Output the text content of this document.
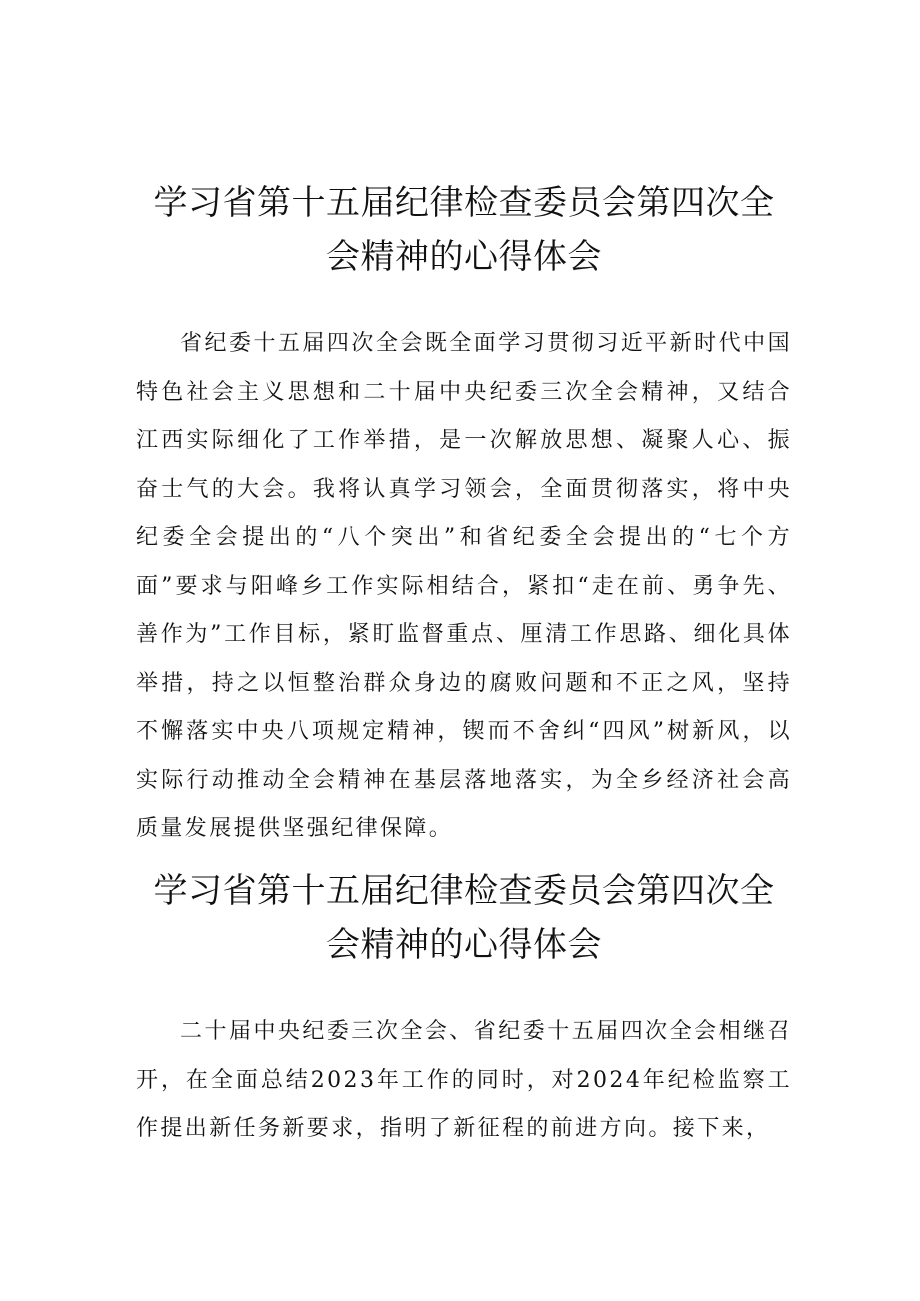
学习省第十五届纪律检查委员会第四次全
会精神的心得体会

省纪委十五届四次全会既全面学习贯彻习近平新时代中国特色社会主义思想和二十届中央纪委三次全会精神，又结合江西实际细化了工作举措，是一次解放思想、凝聚人心、振奋士气的大会。我将认真学习领会，全面贯彻落实，将中央纪委全会提出的“八个突出”和省纪委全会提出的“七个方面”要求与阳峰乡工作实际相结合，紧扣“走在前、勇争先、善作为”工作目标，紧盯监督重点、厘清工作思路、细化具体举措，持之以恒整治群众身边的腐败问题和不正之风，坚持不懈落实中央八项规定精神，锲而不舍纠“四风”树新风，以实际行动推动全会精神在基层落地落实，为全乡经济社会高质量发展提供坚强纪律保障。

学习省第十五届纪律检查委员会第四次全
会精神的心得体会

二十届中央纪委三次全会、省纪委十五届四次全会相继召开，在全面总结2023年工作的同时，对2024年纪检监察工作提出新任务新要求，指明了新征程的前进方向。接下来，
